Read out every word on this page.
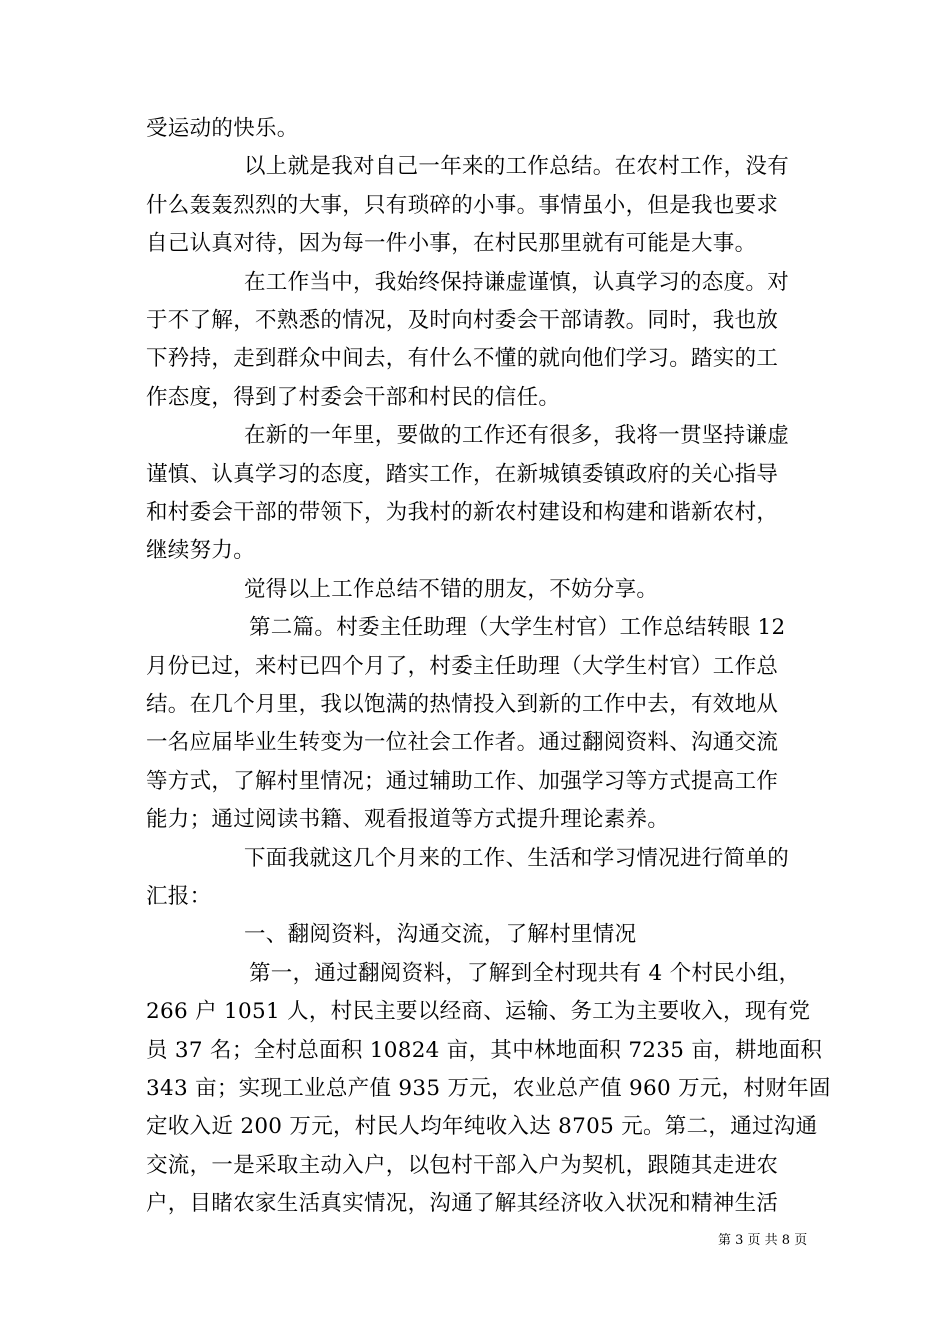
受运动的快乐。
以上就是我对自己一年来的工作总结。在农村工作，没有
什么轰轰烈烈的大事，只有琐碎的小事。事情虽小，但是我也要求
自己认真对待，因为每一件小事，在村民那里就有可能是大事。
在工作当中，我始终保持谦虚谨慎，认真学习的态度。对
于不了解，不熟悉的情况，及时向村委会干部请教。同时，我也放
下矜持，走到群众中间去，有什么不懂的就向他们学习。踏实的工
作态度，得到了村委会干部和村民的信任。
在新的一年里，要做的工作还有很多，我将一贯坚持谦虚
谨慎、认真学习的态度，踏实工作，在新城镇委镇政府的关心指导
和村委会干部的带领下，为我村的新农村建设和构建和谐新农村，
继续努力。
觉得以上工作总结不错的朋友，不妨分享。
第二篇。村委主任助理（大学生村官）工作总结转眼 12
月份已过，来村已四个月了，村委主任助理（大学生村官）工作总
结。在几个月里，我以饱满的热情投入到新的工作中去，有效地从
一名应届毕业生转变为一位社会工作者。通过翻阅资料、沟通交流
等方式，了解村里情况；通过辅助工作、加强学习等方式提高工作
能力；通过阅读书籍、观看报道等方式提升理论素养。
下面我就这几个月来的工作、生活和学习情况进行简单的
汇报：
一、翻阅资料，沟通交流，了解村里情况
第一，通过翻阅资料，了解到全村现共有 4 个村民小组，
266 户 1051 人，村民主要以经商、运输、务工为主要收入，现有党
员 37 名；全村总面积 10824 亩，其中林地面积 7235 亩，耕地面积
343 亩；实现工业总产值 935 万元，农业总产值 960 万元，村财年固
定收入近 200 万元，村民人均年纯收入达 8705 元。第二，通过沟通
交流，一是采取主动入户，以包村干部入户为契机，跟随其走进农
户，目睹农家生活真实情况，沟通了解其经济收入状况和精神生活
第 3 页 共 8 页
